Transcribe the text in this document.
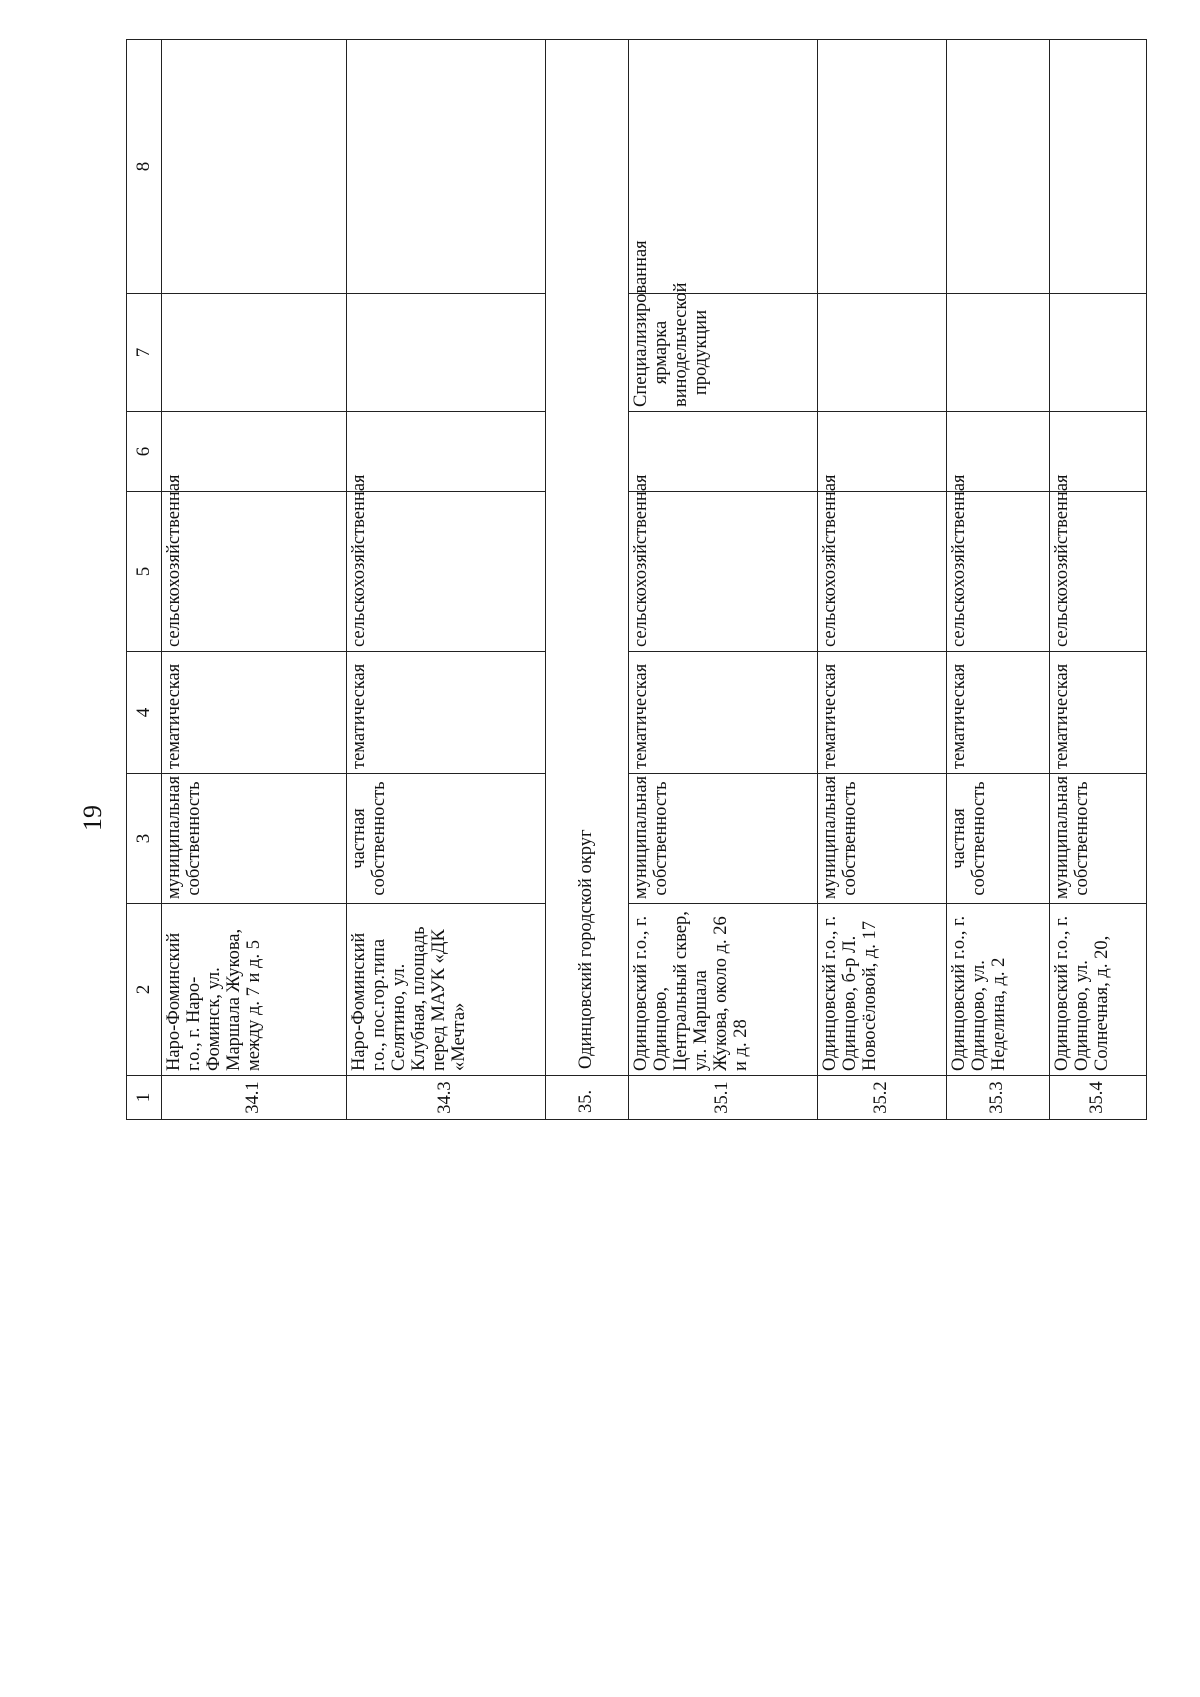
19
1	2	3	4	5	6	7	8
34.1	Наро-Фоминский г.о., г. Наро-Фоминск, ул. Маршала Жукова, между д. 7 и д. 5	муниципальная собственность	тематическая	сельскохозяйственная			
34.3	Наро-Фоминский г.о., пос.гор.типа Селятино, ул. Клубная, площадь перед МАУК «ДК «Мечта»	частная собственность	тематическая	сельскохозяйственная			
35.	Одинцовский городской округ						
35.1	Одинцовский г.о., г. Одинцово, Центральный сквер, ул. Маршала Жукова, около д. 26 и д. 28	муниципальная собственность	тематическая	сельскохозяйственная		Специализированная ярмарка винодельческой продукции	
35.2	Одинцовский г.о., г. Одинцово, б-р Л. Новосёловой, д. 17	муниципальная собственность	тематическая	сельскохозяйственная			
35.3	Одинцовский г.о., г. Одинцово, ул. Неделина, д. 2	частная собственность	тематическая	сельскохозяйственная			
35.4	Одинцовский г.о., г. Одинцово, ул. Солнечная, д. 20,	муниципальная собственность	тематическая	сельскохозяйственная			
